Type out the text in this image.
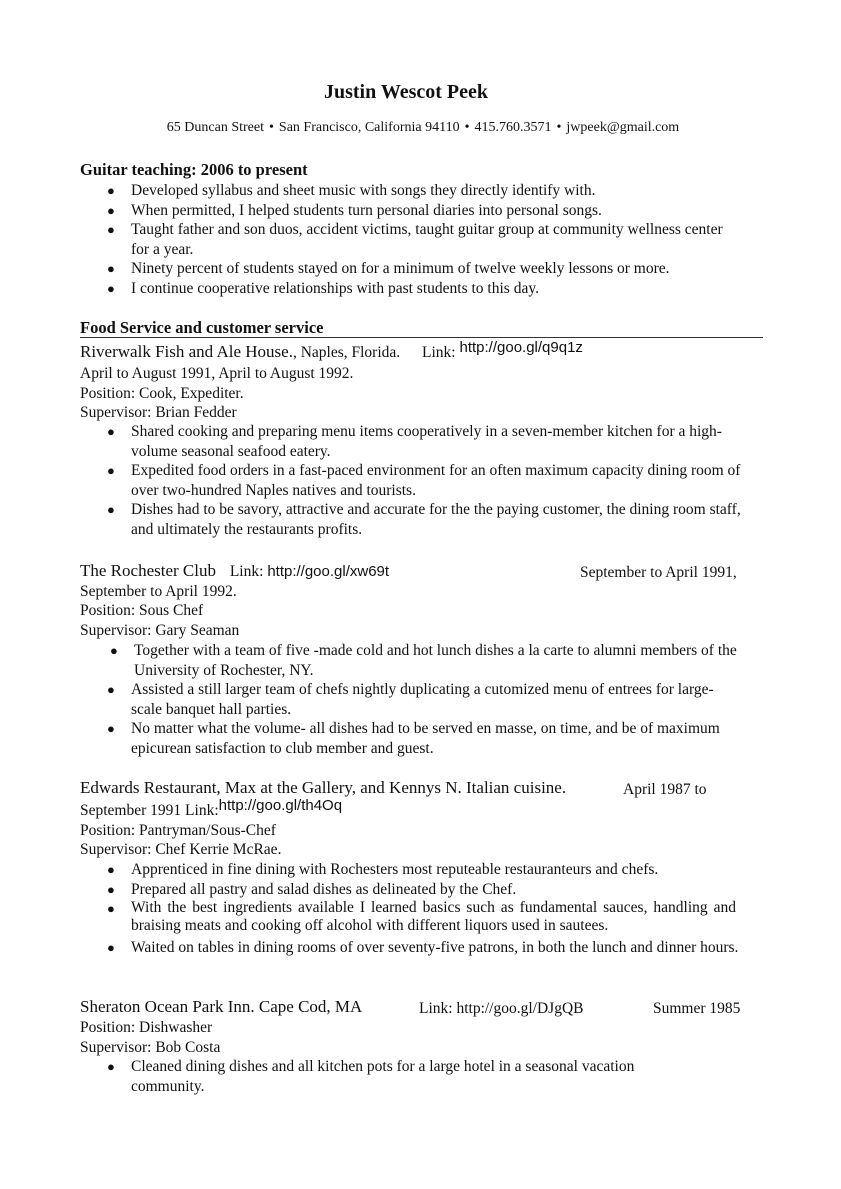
Justin Wescot Peek
65 Duncan Street • San Francisco, California 94110 • 415.760.3571 • jwpeek@gmail.com
Guitar teaching: 2006 to present
● Developed syllabus and sheet music with songs they directly identify with.
● When permitted, I helped students turn personal diaries into personal songs.
● Taught father and son duos, accident victims, taught guitar group at community wellness center for a year.
● Ninety percent of students stayed on for a minimum of twelve weekly lessons or more.
● I continue cooperative relationships with past students to this day.
Food Service and customer service
Riverwalk Fish and Ale House., Naples, Florida. Link: http://goo.gl/q9q1z
April to August 1991, April to August 1992.
Position: Cook, Expediter.
Supervisor: Brian Fedder
● Shared cooking and preparing menu items cooperatively in a seven-member kitchen for a high-volume seasonal seafood eatery.
● Expedited food orders in a fast-paced environment for an often maximum capacity dining room of over two-hundred Naples natives and tourists.
● Dishes had to be savory, attractive and accurate for the the paying customer, the dining room staff, and ultimately the restaurants profits.
The Rochester Club Link: http://goo.gl/xw69t	September to April 1991,
September to April 1992.
Position: Sous Chef
Supervisor: Gary Seaman
● Together with a team of five -made cold and hot lunch dishes a la carte to alumni members of the University of Rochester, NY.
● Assisted a still larger team of chefs nightly duplicating a cutomized menu of entrees for large-scale banquet hall parties.
● No matter what the volume- all dishes had to be served en masse, on time, and be of maximum epicurean satisfaction to club member and guest.
Edwards Restaurant, Max at the Gallery, and Kennys N. Italian cuisine.	April 1987 to
September 1991 Link:http://goo.gl/th4Oq
Position: Pantryman/Sous-Chef
Supervisor: Chef Kerrie McRae.
● Apprenticed in fine dining with Rochesters most reputeable restauranteurs and chefs.
● Prepared all pastry and salad dishes as delineated by the Chef.
● With the best ingredients available I learned basics such as fundamental sauces, handling and braising meats and cooking off alcohol with different liquors used in sautees.
● Waited on tables in dining rooms of over seventy-five patrons, in both the lunch and dinner hours.
Sheraton Ocean Park Inn. Cape Cod, MA	Link: http://goo.gl/DJgQB	Summer 1985
Position: Dishwasher
Supervisor: Bob Costa
● Cleaned dining dishes and all kitchen pots for a large hotel in a seasonal vacation community.
